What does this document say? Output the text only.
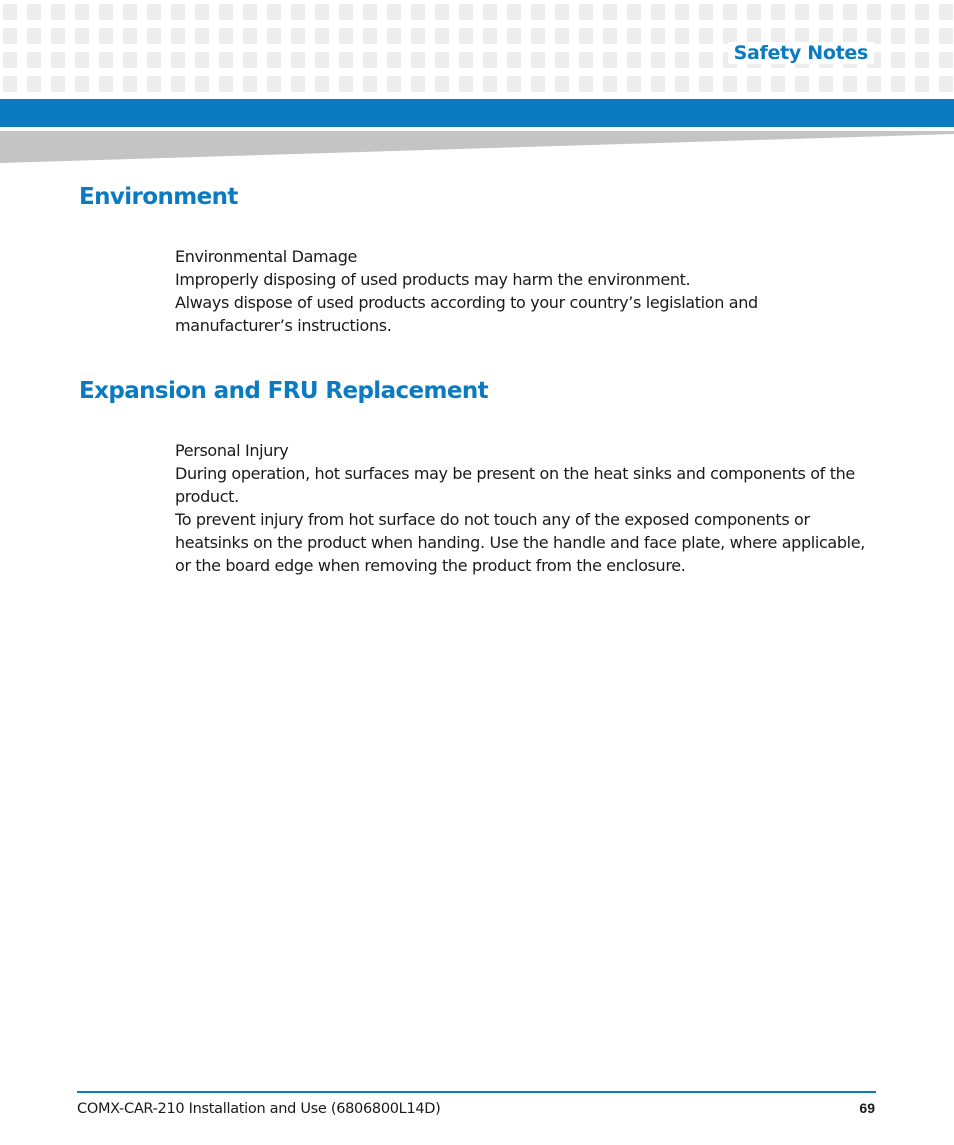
Safety Notes
Environment

Environmental Damage

Improperly disposing of used products may harm the environment.

Always dispose of used products according to your country’s legislation and manufacturer’s instructions.

Expansion and FRU Replacement

Personal Injury

During operation, hot surfaces may be present on the heat sinks and components of the product.

To prevent injury from hot surface do not touch any of the exposed components or heatsinks on the product when handing. Use the handle and face plate, where applicable, or the board edge when removing the product from the enclosure.

COMX-CAR-210 Installation and Use (6806800L14D)	69
